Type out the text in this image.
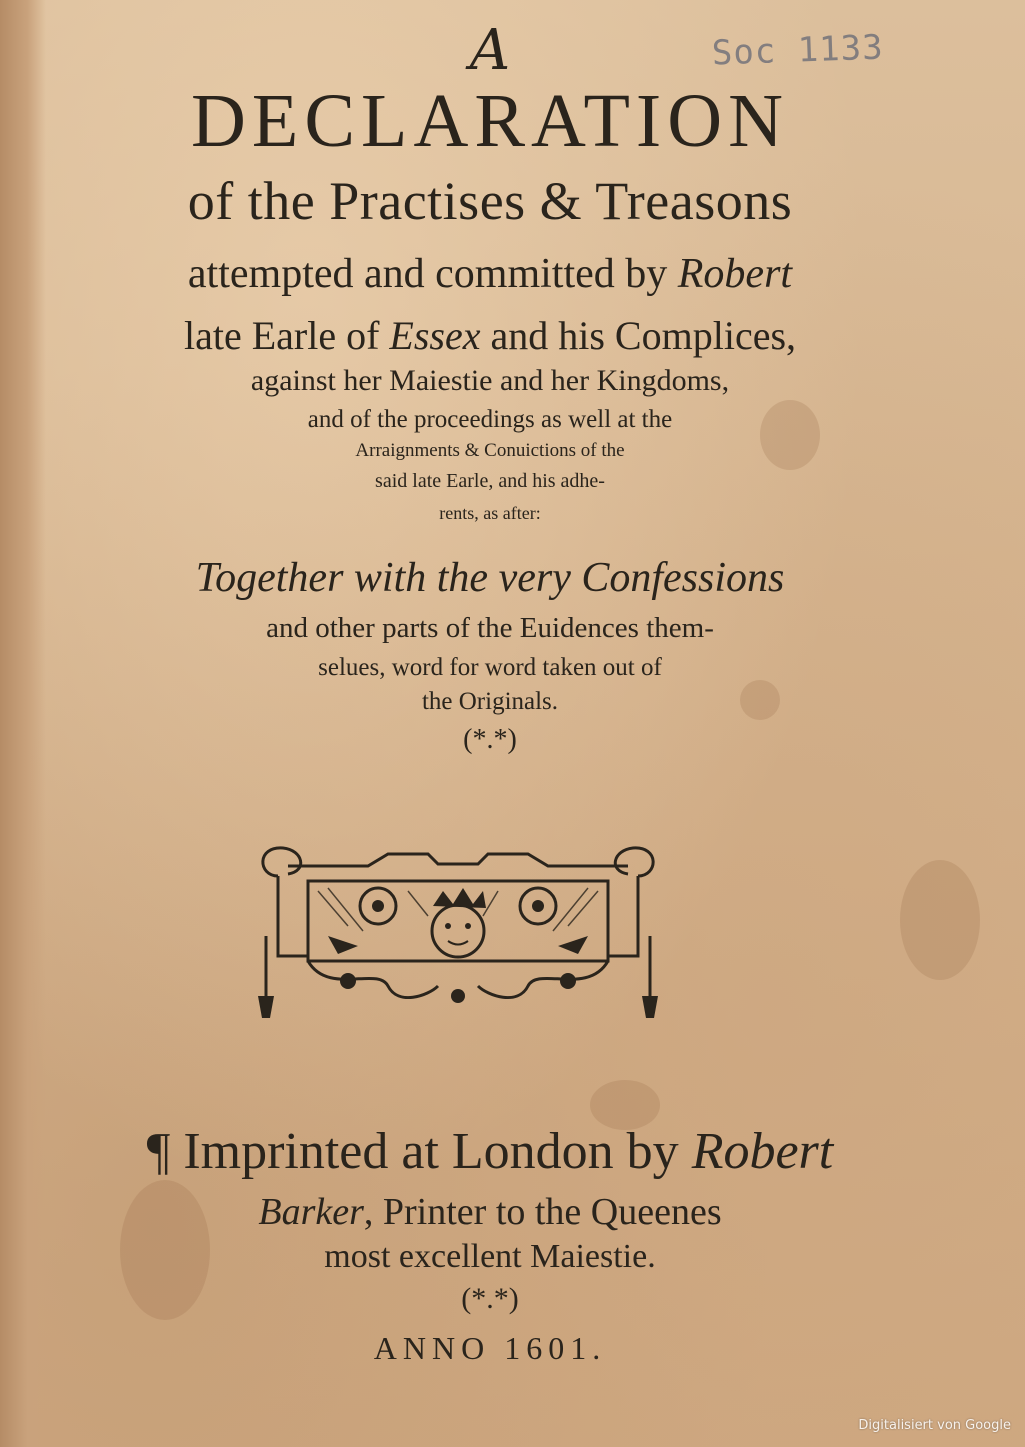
Soc 1133
A
DECLARATION
of the Practises & Treasons
attempted and committed by Robert
late Earle of Essex and his Complices,
against her Maiestie and her Kingdoms,
and of the proceedings as well at the
Arraignments & Conuictions of the
said late Earle, and his adhe-
rents, as after:
Together with the very Confessions
and other parts of the Euidences them-
selues, word for word taken out of
the Originals.
(*.*)
¶ Imprinted at London by Robert
Barker, Printer to the Queenes
most excellent Maiestie.
(*.*)
ANNO 1601.
Digitalisiert von Google
